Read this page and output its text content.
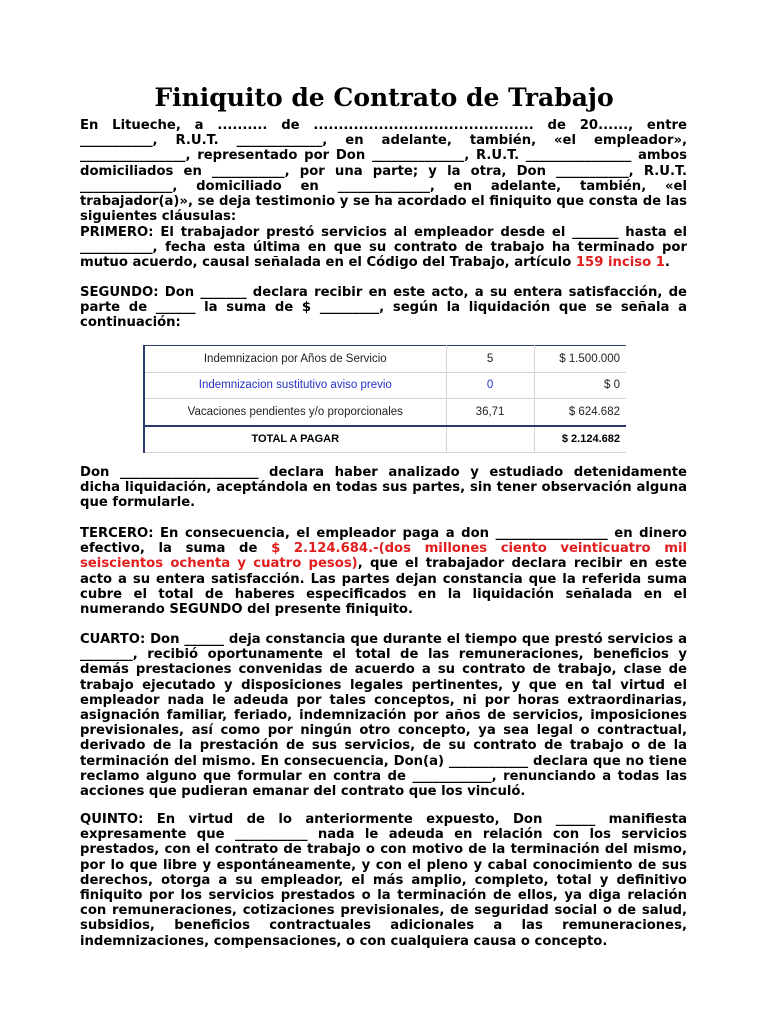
Finiquito de Contrato de Trabajo

En Litueche, a .......... de ............................................ de 20......, entre ___________, R.U.T. _____________, en adelante, también, «el empleador», ________________, representado por Don ______________, R.U.T. ________________ ambos domiciliados en ___________, por una parte; y la otra, Don ___________, R.U.T. ______________, domiciliado en ______________, en adelante, también, «el trabajador(a)», se deja testimonio y se ha acordado el finiquito que consta de las siguientes cláusulas:

PRIMERO: El trabajador prestó servicios al empleador desde el _______ hasta el ___________, fecha esta última en que su contrato de trabajo ha terminado por mutuo acuerdo, causal señalada en el Código del Trabajo, artículo 159 inciso 1.

SEGUNDO: Don _______ declara recibir en este acto, a su entera satisfacción, de parte de ______ la suma de $ _________, según la liquidación que se señala a continuación:

Indemnizacion por Años de Servicio	5	$ 1.500.000
Indemnizacion sustitutivo aviso previo	0	$ 0
Vacaciones pendientes y/o proporcionales	36,71	$ 624.682
TOTAL A PAGAR		$ 2.124.682

Don _____________________ declara haber analizado y estudiado detenidamente dicha liquidación, aceptándola en todas sus partes, sin tener observación alguna que formularle.

TERCERO: En consecuencia, el empleador paga a don _________________ en dinero efectivo, la suma de $ 2.124.684.-(dos millones ciento veinticuatro mil seiscientos ochenta y cuatro pesos), que el trabajador declara recibir en este acto a su entera satisfacción. Las partes dejan constancia que la referida suma cubre el total de haberes especificados en la liquidación señalada en el numerando SEGUNDO del presente finiquito.

CUARTO: Don ______ deja constancia que durante el tiempo que prestó servicios a ________, recibió oportunamente el total de las remuneraciones, beneficios y demás prestaciones convenidas de acuerdo a su contrato de trabajo, clase de trabajo ejecutado y disposiciones legales pertinentes, y que en tal virtud el empleador nada le adeuda por tales conceptos, ni por horas extraordinarias, asignación familiar, feriado, indemnización por años de servicios, imposiciones previsionales, así como por ningún otro concepto, ya sea legal o contractual, derivado de la prestación de sus servicios, de su contrato de trabajo o de la terminación del mismo. En consecuencia, Don(a) ____________ declara que no tiene reclamo alguno que formular en contra de ____________, renunciando a todas las acciones que pudieran emanar del contrato que los vinculó.

QUINTO: En virtud de lo anteriormente expuesto, Don ______ manifiesta expresamente que ___________ nada le adeuda en relación con los servicios prestados, con el contrato de trabajo o con motivo de la terminación del mismo, por lo que libre y espontáneamente, y con el pleno y cabal conocimiento de sus derechos, otorga a su empleador, el más amplio, completo, total y definitivo finiquito por los servicios prestados o la terminación de ellos, ya diga relación con remuneraciones, cotizaciones previsionales, de seguridad social o de salud, subsidios, beneficios contractuales adicionales a las remuneraciones, indemnizaciones, compensaciones, o con cualquiera causa o concepto.
